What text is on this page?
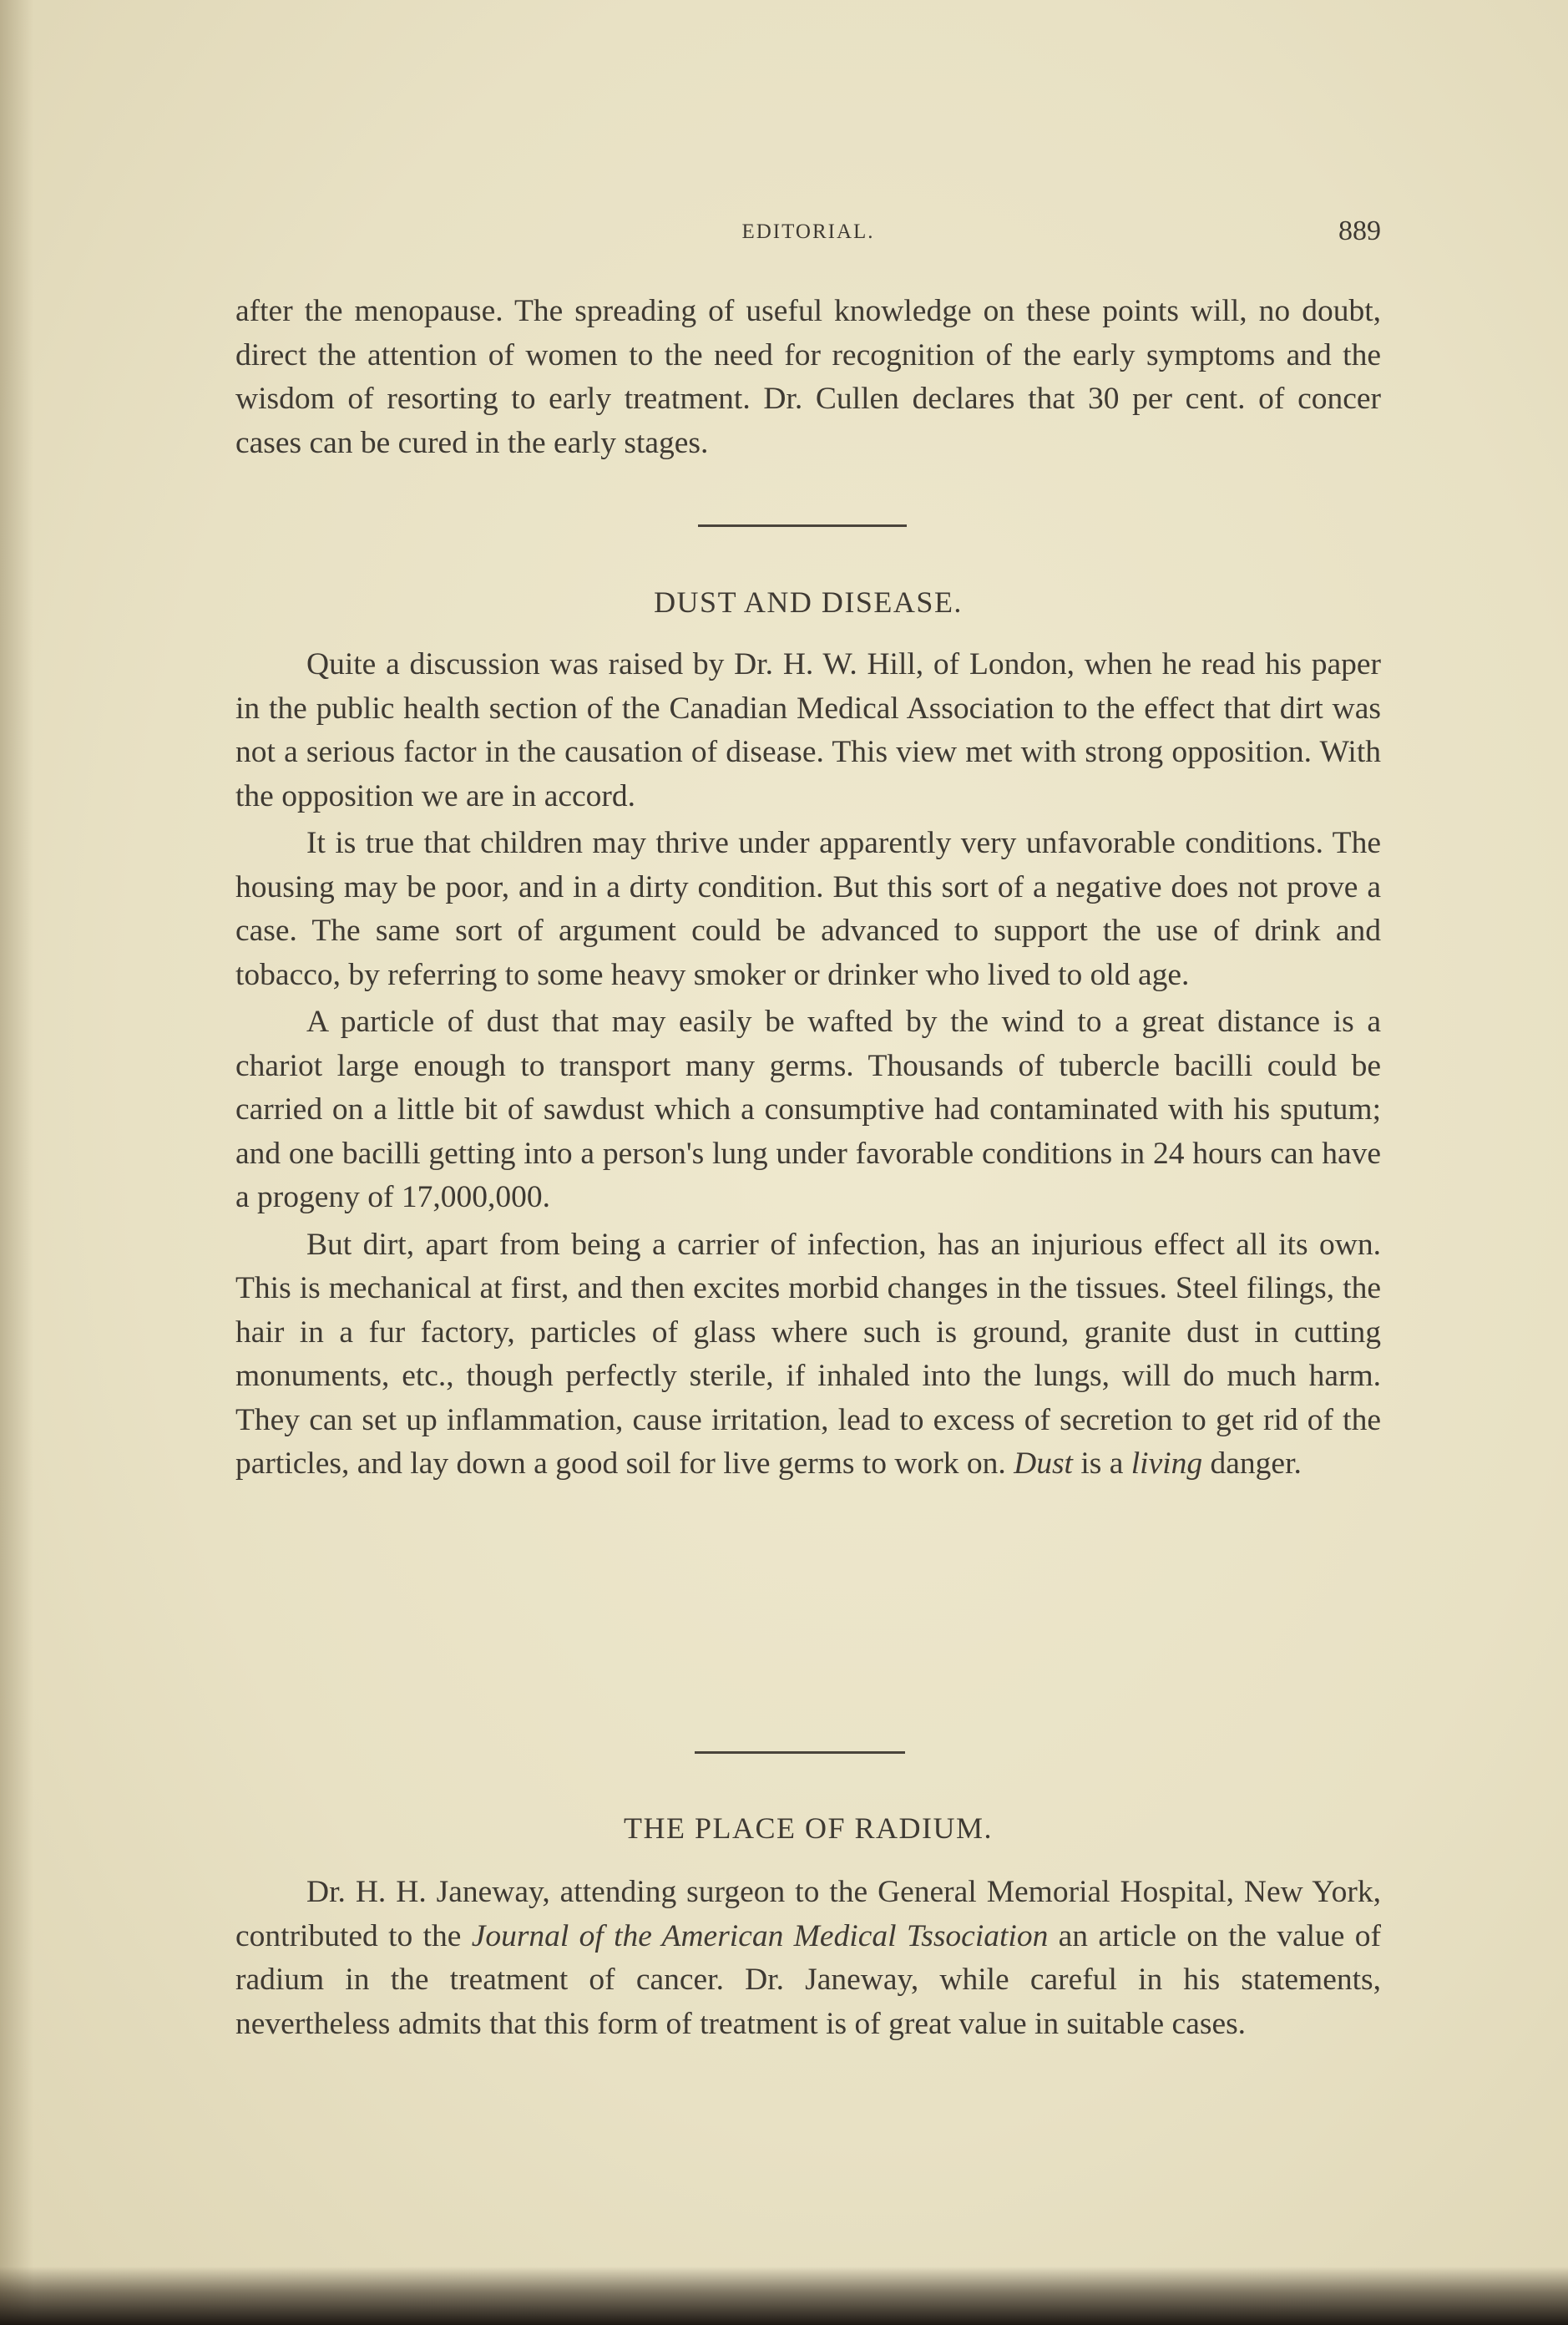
EDITORIAL.	889

after the menopause. The spreading of useful knowledge on these points will, no doubt, direct the attention of women to the need for recognition of the early symptoms and the wisdom of resorting to early treatment. Dr. Cullen declares that 30 per cent. of concer cases can be cured in the early stages.

DUST AND DISEASE.

Quite a discussion was raised by Dr. H. W. Hill, of London, when he read his paper in the public health section of the Canadian Medical Association to the effect that dirt was not a serious factor in the causation of disease. This view met with strong opposition. With the opposition we are in accord.

It is true that children may thrive under apparently very unfavorable conditions. The housing may be poor, and in a dirty condition. But this sort of a negative does not prove a case. The same sort of argument could be advanced to support the use of drink and tobacco, by referring to some heavy smoker or drinker who lived to old age.

A particle of dust that may easily be wafted by the wind to a great distance is a chariot large enough to transport many germs. Thousands of tubercle bacilli could be carried on a little bit of sawdust which a consumptive had contaminated with his sputum; and one bacilli getting into a person's lung under favorable conditions in 24 hours can have a progeny of 17,000,000.

But dirt, apart from being a carrier of infection, has an injurious effect all its own. This is mechanical at first, and then excites morbid changes in the tissues. Steel filings, the hair in a fur factory, particles of glass where such is ground, granite dust in cutting monuments, etc., though perfectly sterile, if inhaled into the lungs, will do much harm. They can set up inflammation, cause irritation, lead to excess of secretion to get rid of the particles, and lay down a good soil for live germs to work on. Dust is a living danger.

THE PLACE OF RADIUM.

Dr. H. H. Janeway, attending surgeon to the General Memorial Hospital, New York, contributed to the Journal of the American Medical Tssociation an article on the value of radium in the treatment of cancer. Dr. Janeway, while careful in his statements, nevertheless admits that this form of treatment is of great value in suitable cases.
